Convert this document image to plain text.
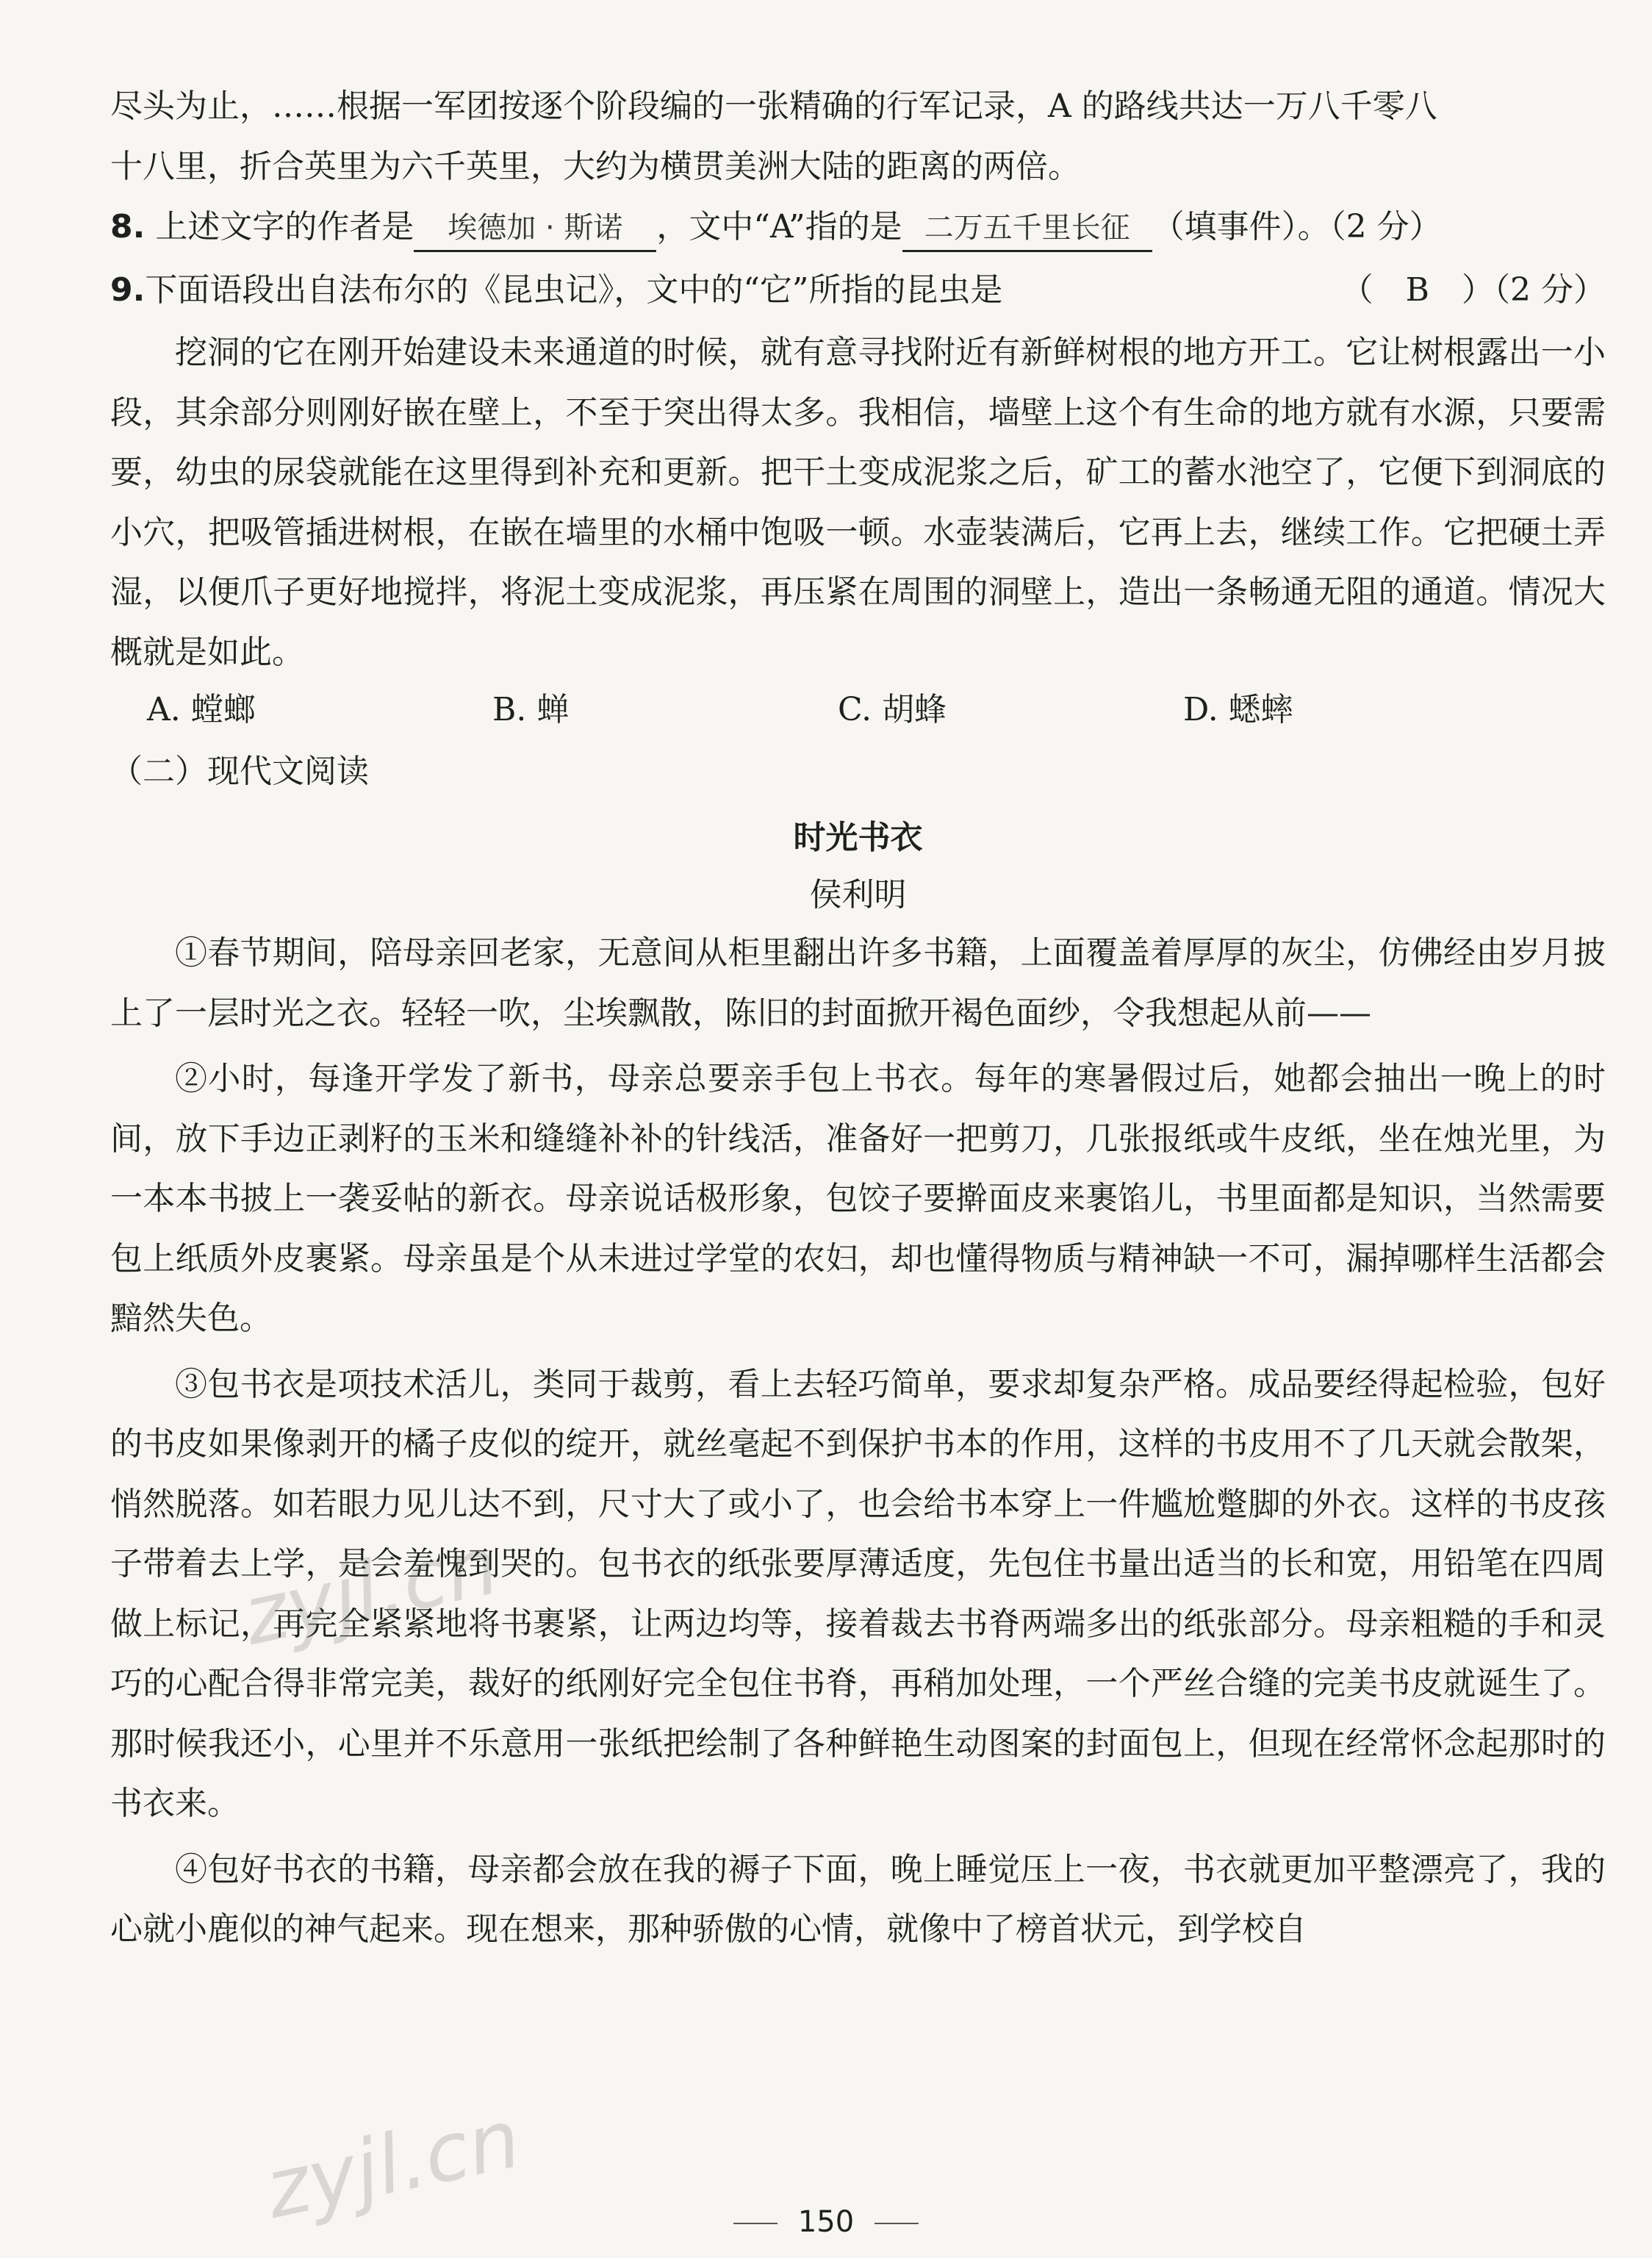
尽头为止，……根据一军团按逐个阶段编的一张精确的行军记录，A 的路线共达一万八千零八
十八里，折合英里为六千英里，大约为横贯美洲大陆的距离的两倍。
8. 上述文字的作者是 埃德加 · 斯诺 ，文中“A”指的是 二万五千里长征 （填事件）。（2 分）
9.下面语段出自法布尔的《昆虫记》，文中的“它”所指的昆虫是	（　B　）（2 分）

挖洞的它在刚开始建设未来通道的时候，就有意寻找附近有新鲜树根的地方开工。它让树根露出一小段，其余部分则刚好嵌在壁上，不至于突出得太多。我相信，墙壁上这个有生命的地方就有水源，只要需要，幼虫的尿袋就能在这里得到补充和更新。把干土变成泥浆之后，矿工的蓄水池空了，它便下到洞底的小穴，把吸管插进树根，在嵌在墙里的水桶中饱吸一顿。水壶装满后，它再上去，继续工作。它把硬土弄湿，以便爪子更好地搅拌，将泥土变成泥浆，再压紧在周围的洞壁上，造出一条畅通无阻的通道。情况大概就是如此。

A. 螳螂	B. 蝉	C. 胡蜂	D. 蟋蟀
（二）现代文阅读
时光书衣
侯利明

①春节期间，陪母亲回老家，无意间从柜里翻出许多书籍，上面覆盖着厚厚的灰尘，仿佛经由岁月披上了一层时光之衣。轻轻一吹，尘埃飘散，陈旧的封面掀开褐色面纱，令我想起从前——

②小时，每逢开学发了新书，母亲总要亲手包上书衣。每年的寒暑假过后，她都会抽出一晚上的时间，放下手边正剥籽的玉米和缝缝补补的针线活，准备好一把剪刀，几张报纸或牛皮纸，坐在烛光里，为一本本书披上一袭妥帖的新衣。母亲说话极形象，包饺子要擀面皮来裹馅儿，书里面都是知识，当然需要包上纸质外皮裹紧。母亲虽是个从未进过学堂的农妇，却也懂得物质与精神缺一不可，漏掉哪样生活都会黯然失色。

③包书衣是项技术活儿，类同于裁剪，看上去轻巧简单，要求却复杂严格。成品要经得起检验，包好的书皮如果像剥开的橘子皮似的绽开，就丝毫起不到保护书本的作用，这样的书皮用不了几天就会散架，悄然脱落。如若眼力见儿达不到，尺寸大了或小了，也会给书本穿上一件尴尬蹩脚的外衣。这样的书皮孩子带着去上学，是会羞愧到哭的。包书衣的纸张要厚薄适度，先包住书量出适当的长和宽，用铅笔在四周做上标记，再完全紧紧地将书裹紧，让两边均等，接着裁去书脊两端多出的纸张部分。母亲粗糙的手和灵巧的心配合得非常完美，裁好的纸刚好完全包住书脊，再稍加处理，一个严丝合缝的完美书皮就诞生了。那时候我还小，心里并不乐意用一张纸把绘制了各种鲜艳生动图案的封面包上，但现在经常怀念起那时的书衣来。

④包好书衣的书籍，母亲都会放在我的褥子下面，晚上睡觉压上一夜，书衣就更加平整漂亮了，我的心就小鹿似的神气起来。现在想来，那种骄傲的心情，就像中了榜首状元，到学校自

zyjl.cn
zyjl.cn	150
